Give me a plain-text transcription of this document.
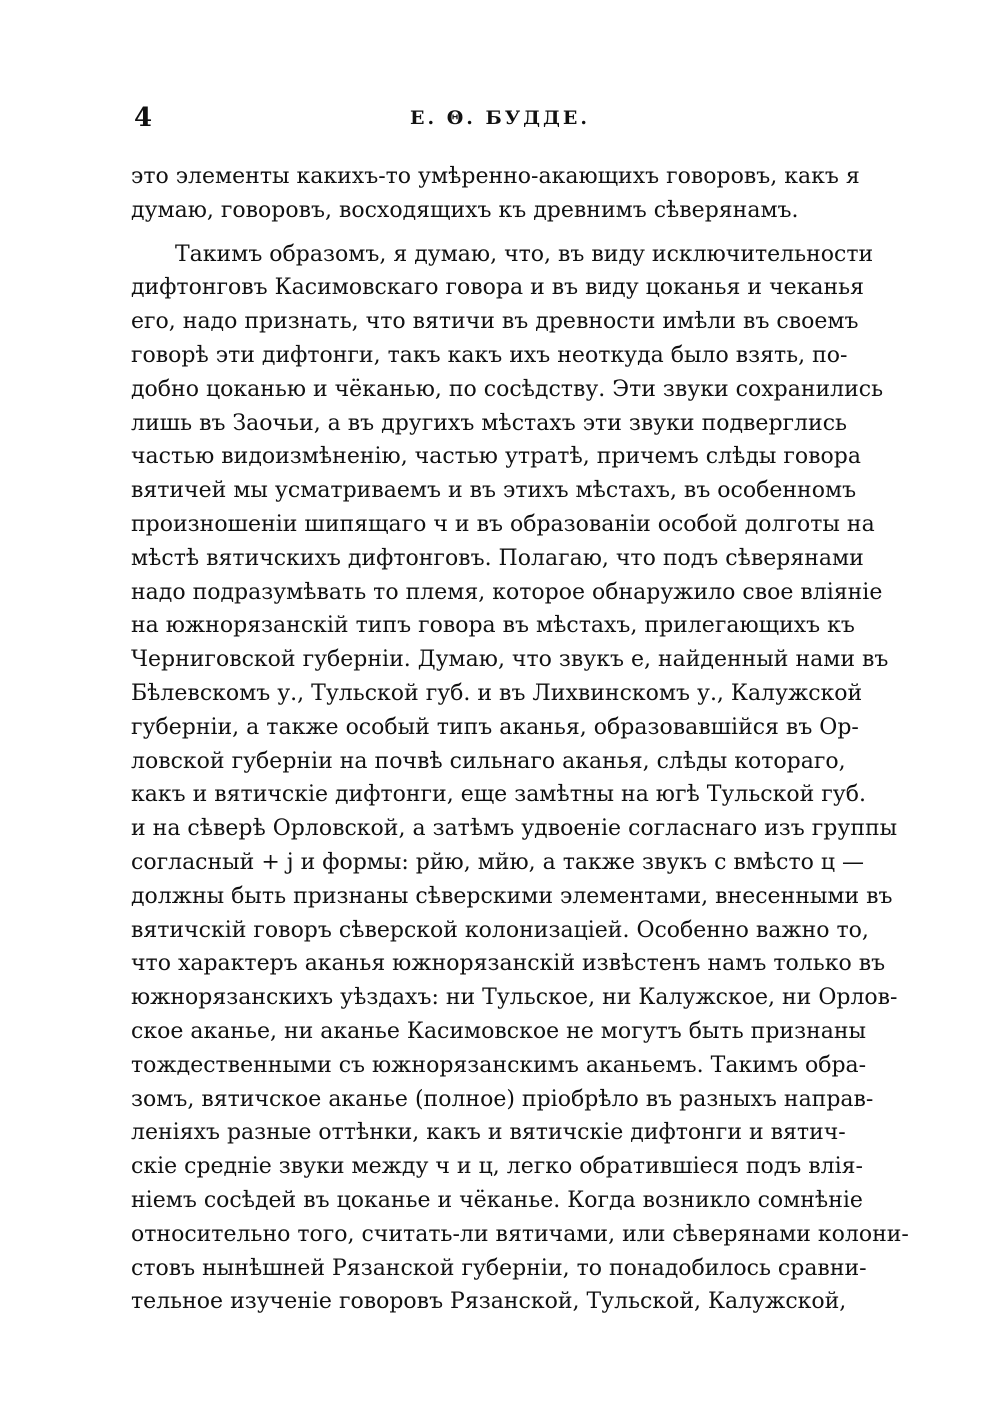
4	Е. Θ. БУДДЕ.
это элементы какихъ-то умѣренно-акающихъ говоровъ, какъ я
думаю, говоровъ, восходящихъ къ древнимъ сѣверянамъ.
Такимъ образомъ, я думаю, что, въ виду исключительности
дифтонговъ Касимовскаго говора и въ виду цоканья и чеканья
его, надо признать, что вятичи въ древности имѣли въ своемъ
говорѣ эти дифтонги, такъ какъ ихъ неоткуда было взять, по-
добно цоканью и чёканью, по сосѣдству. Эти звуки сохранились
лишь въ Заочьи, а въ другихъ мѣстахъ эти звуки подверглись
частью видоизмѣненію, частью утратѣ, причемъ слѣды говора
вятичей мы усматриваемъ и въ этихъ мѣстахъ, въ особенномъ
произношеніи шипящаго ч и въ образованіи особой долготы на
мѣстѣ вятичскихъ дифтонговъ. Полагаю, что подъ сѣверянами
надо подразумѣвать то племя, которое обнаружило свое вліяніе
на южнорязанскій типъ говора въ мѣстахъ, прилегающихъ къ
Черниговской губерніи. Думаю, что звукъ е, найденный нами въ
Бѣлевскомъ у., Тульской губ. и въ Лихвинскомъ у., Калужской
губерніи, а также особый типъ аканья, образовавшійся въ Ор-
ловской губерніи на почвѣ сильнаго аканья, слѣды котораго,
какъ и вятичскіе дифтонги, еще замѣтны на югѣ Тульской губ.
и на сѣверѣ Орловской, а затѣмъ удвоеніе согласнаго изъ группы
согласный + j и формы: рйю, мйю, а также звукъ с вмѣсто ц —
должны быть признаны сѣверскими элементами, внесенными въ
вятичскій говоръ сѣверской колонизаціей. Особенно важно то,
что характеръ аканья южнорязанскій извѣстенъ намъ только въ
южнорязанскихъ уѣздахъ: ни Тульское, ни Калужское, ни Орлов-
ское аканье, ни аканье Касимовское не могутъ быть признаны
тождественными съ южнорязанскимъ аканьемъ. Такимъ обра-
зомъ, вятичское аканье (полное) пріобрѣло въ разныхъ направ-
леніяхъ разные оттѣнки, какъ и вятичскіе дифтонги и вятич-
скіе средніе звуки между ч и ц, легко обратившіеся подъ влія-
ніемъ сосѣдей въ цоканье и чёканье. Когда возникло сомнѣніе
относительно того, считать-ли вятичами, или сѣверянами колони-
стовъ нынѣшней Рязанской губерніи, то понадобилось сравни-
тельное изученіе говоровъ Рязанской, Тульской, Калужской,
